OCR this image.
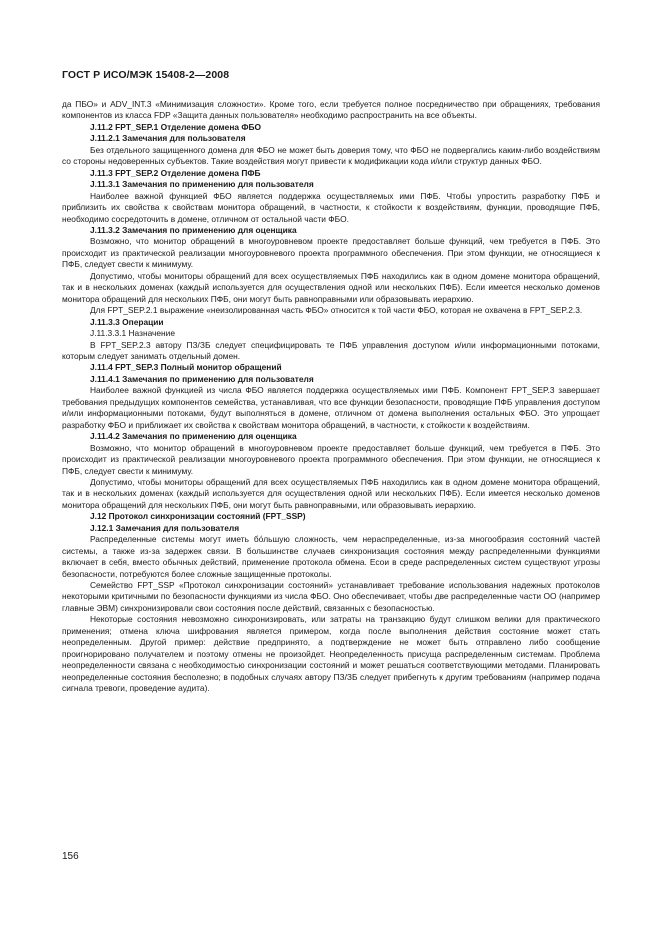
ГОСТ Р ИСО/МЭК 15408-2—2008

да ПБО» и ADV_INT.3 «Минимизация сложности». Кроме того, если требуется полное посредничество при обращениях, требования компонентов из класса FDP «Защита данных пользователя» необходимо распространить на все объекты.

J.11.2 FPT_SEP.1 Отделение домена ФБО

J.11.2.1 Замечания для пользователя

Без отдельного защищенного домена для ФБО не может быть доверия тому, что ФБО не подвергались каким-либо воздействиям со стороны недоверенных субъектов. Такие воздействия могут привести к модификации кода и/или структур данных ФБО.

J.11.3 FPT_SEP.2 Отделение домена ПФБ

J.11.3.1 Замечания по применению для пользователя

Наиболее важной функцией ФБО является поддержка осуществляемых ими ПФБ. Чтобы упростить разработку ПФБ и приблизить их свойства к свойствам монитора обращений, в частности, к стойкости к воздействиям, функции, проводящие ПФБ, необходимо сосредоточить в домене, отличном от остальной части ФБО.

J.11.3.2 Замечания по применению для оценщика

Возможно, что монитор обращений в многоуровневом проекте предоставляет больше функций, чем требуется в ПФБ. Это происходит из практической реализации многоуровневого проекта программного обеспечения. При этом функции, не относящиеся к ПФБ, следует свести к минимуму.

Допустимо, чтобы мониторы обращений для всех осуществляемых ПФБ находились как в одном домене монитора обращений, так и в нескольких доменах (каждый используется для осуществления одной или нескольких ПФБ). Если имеется несколько доменов монитора обращений для нескольких ПФБ, они могут быть равноправными или образовывать иерархию.

Для FPT_SEP.2.1 выражение «неизолированная часть ФБО» относится к той части ФБО, которая не охвачена в FPT_SEP.2.3.

J.11.3.3 Операции

J.11.3.3.1 Назначение

В FPT_SEP.2.3 автору ПЗ/ЗБ следует специфицировать те ПФБ управления доступом и/или информационными потоками, которым следует занимать отдельный домен.

J.11.4 FPT_SEP.3 Полный монитор обращений

J.11.4.1 Замечания по применению для пользователя

Наиболее важной функцией из числа ФБО является поддержка осуществляемых ими ПФБ. Компонент FPT_SEP.3 завершает требования предыдущих компонентов семейства, устанавливая, что все функции безопасности, проводящие ПФБ управления доступом и/или информационными потоками, будут выполняться в домене, отличном от домена выполнения остальных ФБО. Это упрощает разработку ФБО и приближает их свойства к свойствам монитора обращений, в частности, к стойкости к воздействиям.

J.11.4.2 Замечания по применению для оценщика

Возможно, что монитор обращений в многоуровневом проекте предоставляет больше функций, чем требуется в ПФБ. Это происходит из практической реализации многоуровневого проекта программного обеспечения. При этом функции, не относящиеся к ПФБ, следует свести к минимуму.

Допустимо, чтобы мониторы обращений для всех осуществляемых ПФБ находились как в одном домене монитора обращений, так и в нескольких доменах (каждый используется для осуществления одной или нескольких ПФБ). Если имеется несколько доменов монитора обращений для нескольких ПФБ, они могут быть равноправными, или образовывать иерархию.

J.12 Протокол синхронизации состояний (FPT_SSP)

J.12.1 Замечания для пользователя

Распределенные системы могут иметь бо́льшую сложность, чем нераспределенные, из-за многообразия состояний частей системы, а также из-за задержек связи. В большинстве случаев синхронизация состояния между распределенными функциями включает в себя, вместо обычных действий, применение протокола обмена. Есои в среде распределенных систем существуют угрозы безопасности, потребуются более сложные защищенные протоколы.

Семейство FPT_SSP «Протокол синхронизации состояний» устанавливает требование использования надежных протоколов некоторыми критичными по безопасности функциями из числа ФБО. Оно обеспечивает, чтобы две распределенные части ОО (например главные ЭВМ) синхронизировали свои состояния после действий, связанных с безопасностью.

Некоторые состояния невозможно синхронизировать, или затраты на транзакцию будут слишком велики для практического применения; отмена ключа шифрования является примером, когда после выполнения действия состояние может стать неопределенным. Другой пример: действие предпринято, а подтверждение не может быть отправлено либо сообщение проигнорировано получателем и поэтому отмены не произойдет. Неопределенность присуща распределенным системам. Проблема неопределенности связана с необходимостью синхронизации состояний и может решаться соответствующими методами. Планировать неопределенные состояния бесполезно; в подобных случаях автору ПЗ/ЗБ следует прибегнуть к другим требованиям (например подача сигнала тревоги, проведение аудита).

156
